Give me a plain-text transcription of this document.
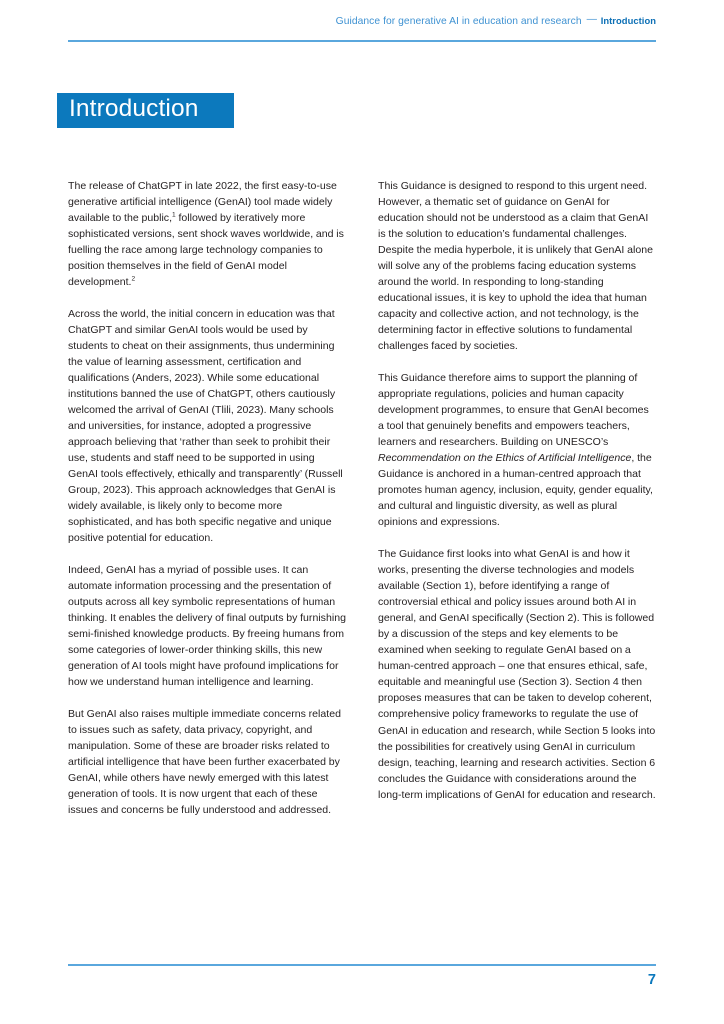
Guidance for generative AI in education and research — Introduction
Introduction

The release of ChatGPT in late 2022, the first easy-to-use generative artificial intelligence (GenAI) tool made widely available to the public,$^1$ followed by iteratively more sophisticated versions, sent shock waves worldwide, and is fuelling the race among large technology companies to position themselves in the field of GenAI model development.$^2$

Across the world, the initial concern in education was that ChatGPT and similar GenAI tools would be used by students to cheat on their assignments, thus undermining the value of learning assessment, certification and qualifications (Anders, 2023). While some educational institutions banned the use of ChatGPT, others cautiously welcomed the arrival of GenAI (Tlili, 2023). Many schools and universities, for instance, adopted a progressive approach believing that ‘rather than seek to prohibit their use, students and staff need to be supported in using GenAI tools effectively, ethically and transparently’ (Russell Group, 2023). This approach acknowledges that GenAI is widely available, is likely only to become more sophisticated, and has both specific negative and unique positive potential for education.

Indeed, GenAI has a myriad of possible uses. It can automate information processing and the presentation of outputs across all key symbolic representations of human thinking. It enables the delivery of final outputs by furnishing semi-finished knowledge products. By freeing humans from some categories of lower-order thinking skills, this new generation of AI tools might have profound implications for how we understand human intelligence and learning.

But GenAI also raises multiple immediate concerns related to issues such as safety, data privacy, copyright, and manipulation. Some of these are broader risks related to artificial intelligence that have been further exacerbated by GenAI, while others have newly emerged with this latest generation of tools. It is now urgent that each of these issues and concerns be fully understood and addressed.

This Guidance is designed to respond to this urgent need. However, a thematic set of guidance on GenAI for education should not be understood as a claim that GenAI is the solution to education’s fundamental challenges. Despite the media hyperbole, it is unlikely that GenAI alone will solve any of the problems facing education systems around the world. In responding to long-standing educational issues, it is key to uphold the idea that human capacity and collective action, and not technology, is the determining factor in effective solutions to fundamental challenges faced by societies.

This Guidance therefore aims to support the planning of appropriate regulations, policies and human capacity development programmes, to ensure that GenAI becomes a tool that genuinely benefits and empowers teachers, learners and researchers. Building on UNESCO’s Recommendation on the Ethics of Artificial Intelligence, the Guidance is anchored in a human-centred approach that promotes human agency, inclusion, equity, gender equality, and cultural and linguistic diversity, as well as plural opinions and expressions.

The Guidance first looks into what GenAI is and how it works, presenting the diverse technologies and models available (Section 1), before identifying a range of controversial ethical and policy issues around both AI in general, and GenAI specifically (Section 2). This is followed by a discussion of the steps and key elements to be examined when seeking to regulate GenAI based on a human-centred approach – one that ensures ethical, safe, equitable and meaningful use (Section 3). Section 4 then proposes measures that can be taken to develop coherent, comprehensive policy frameworks to regulate the use of GenAI in education and research, while Section 5 looks into the possibilities for creatively using GenAI in curriculum design, teaching, learning and research activities. Section 6 concludes the Guidance with considerations around the long-term implications of GenAI for education and research.

7
